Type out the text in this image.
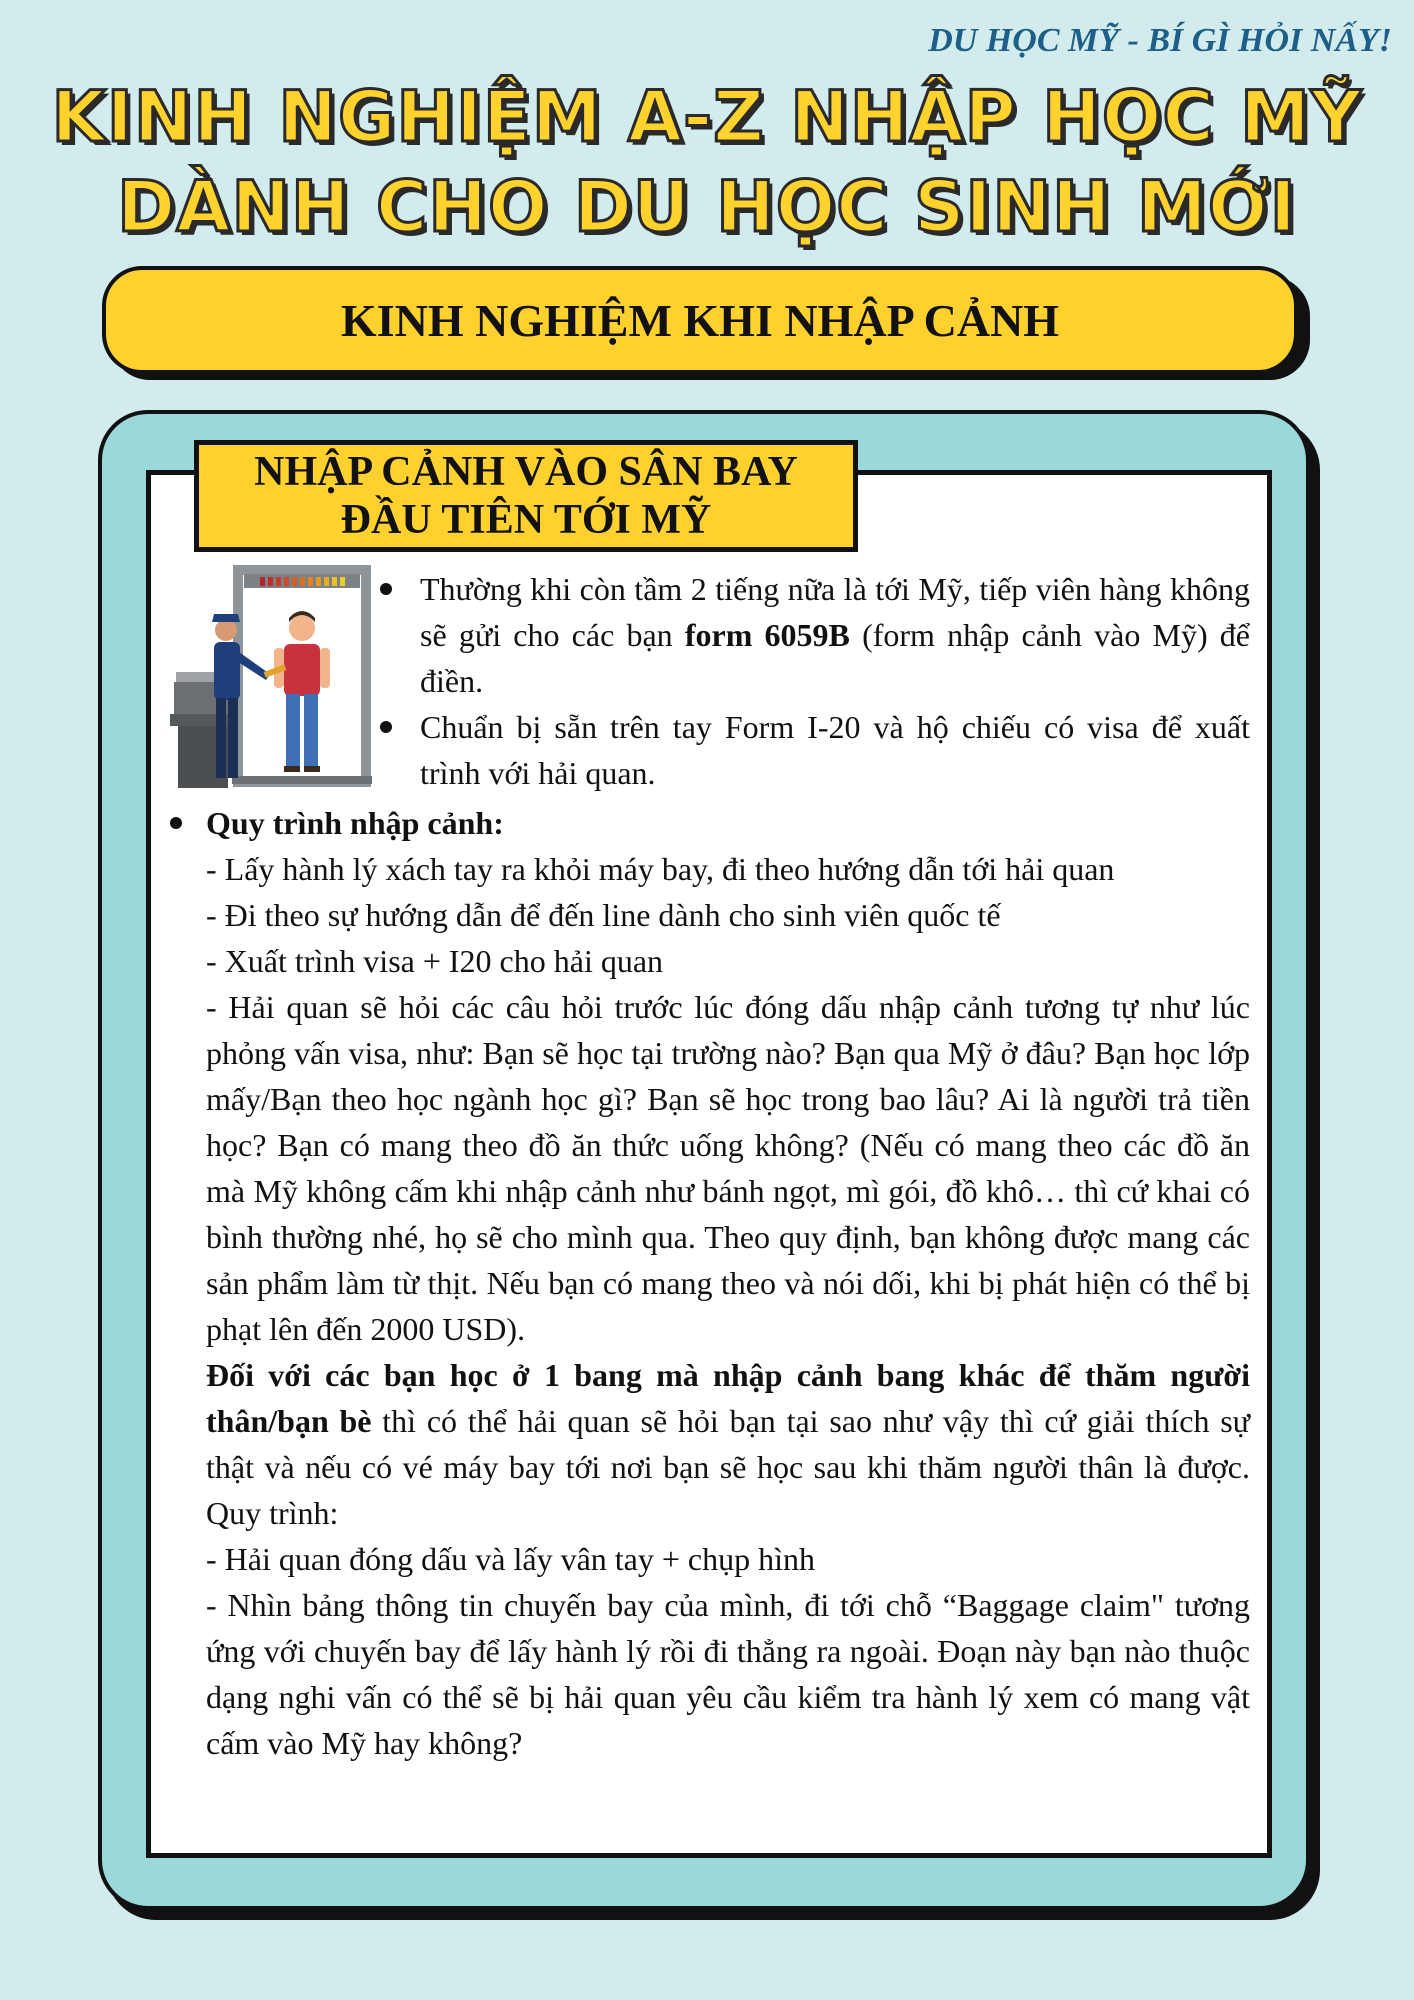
DU HỌC MỸ - BÍ GÌ HỎI NẤY!
KINH NGHIỆM A-Z NHẬP HỌC MỸ
DÀNH CHO DU HỌC SINH MỚI
KINH NGHIỆM KHI NHẬP CẢNH
NHẬP CẢNH VÀO SÂN BAY
ĐẦU TIÊN TỚI MỸ
Thường khi còn tầm 2 tiếng nữa là tới Mỹ, tiếp viên hàng không sẽ gửi cho các bạn form 6059B (form nhập cảnh vào Mỹ) để điền.
Chuẩn bị sẵn trên tay Form I-20 và hộ chiếu có visa để xuất trình với hải quan.
Quy trình nhập cảnh:
- Lấy hành lý xách tay ra khỏi máy bay, đi theo hướng dẫn tới hải quan
- Đi theo sự hướng dẫn để đến line dành cho sinh viên quốc tế
- Xuất trình visa + I20 cho hải quan
- Hải quan sẽ hỏi các câu hỏi trước lúc đóng dấu nhập cảnh tương tự như lúc phỏng vấn visa, như: Bạn sẽ học tại trường nào? Bạn qua Mỹ ở đâu? Bạn học lớp mấy/Bạn theo học ngành học gì? Bạn sẽ học trong bao lâu? Ai là người trả tiền học? Bạn có mang theo đồ ăn thức uống không? (Nếu có mang theo các đồ ăn mà Mỹ không cấm khi nhập cảnh như bánh ngọt, mì gói, đồ khô… thì cứ khai có bình thường nhé, họ sẽ cho mình qua. Theo quy định, bạn không được mang các sản phẩm làm từ thịt. Nếu bạn có mang theo và nói dối, khi bị phát hiện có thể bị phạt lên đến 2000 USD).
Đối với các bạn học ở 1 bang mà nhập cảnh bang khác để thăm người thân/bạn bè thì có thể hải quan sẽ hỏi bạn tại sao như vậy thì cứ giải thích sự thật và nếu có vé máy bay tới nơi bạn sẽ học sau khi thăm người thân là được. Quy trình:
- Hải quan đóng dấu và lấy vân tay + chụp hình
- Nhìn bảng thông tin chuyến bay của mình, đi tới chỗ “Baggage claim" tương ứng với chuyến bay để lấy hành lý rồi đi thẳng ra ngoài. Đoạn này bạn nào thuộc dạng nghi vấn có thể sẽ bị hải quan yêu cầu kiểm tra hành lý xem có mang vật cấm vào Mỹ hay không?
